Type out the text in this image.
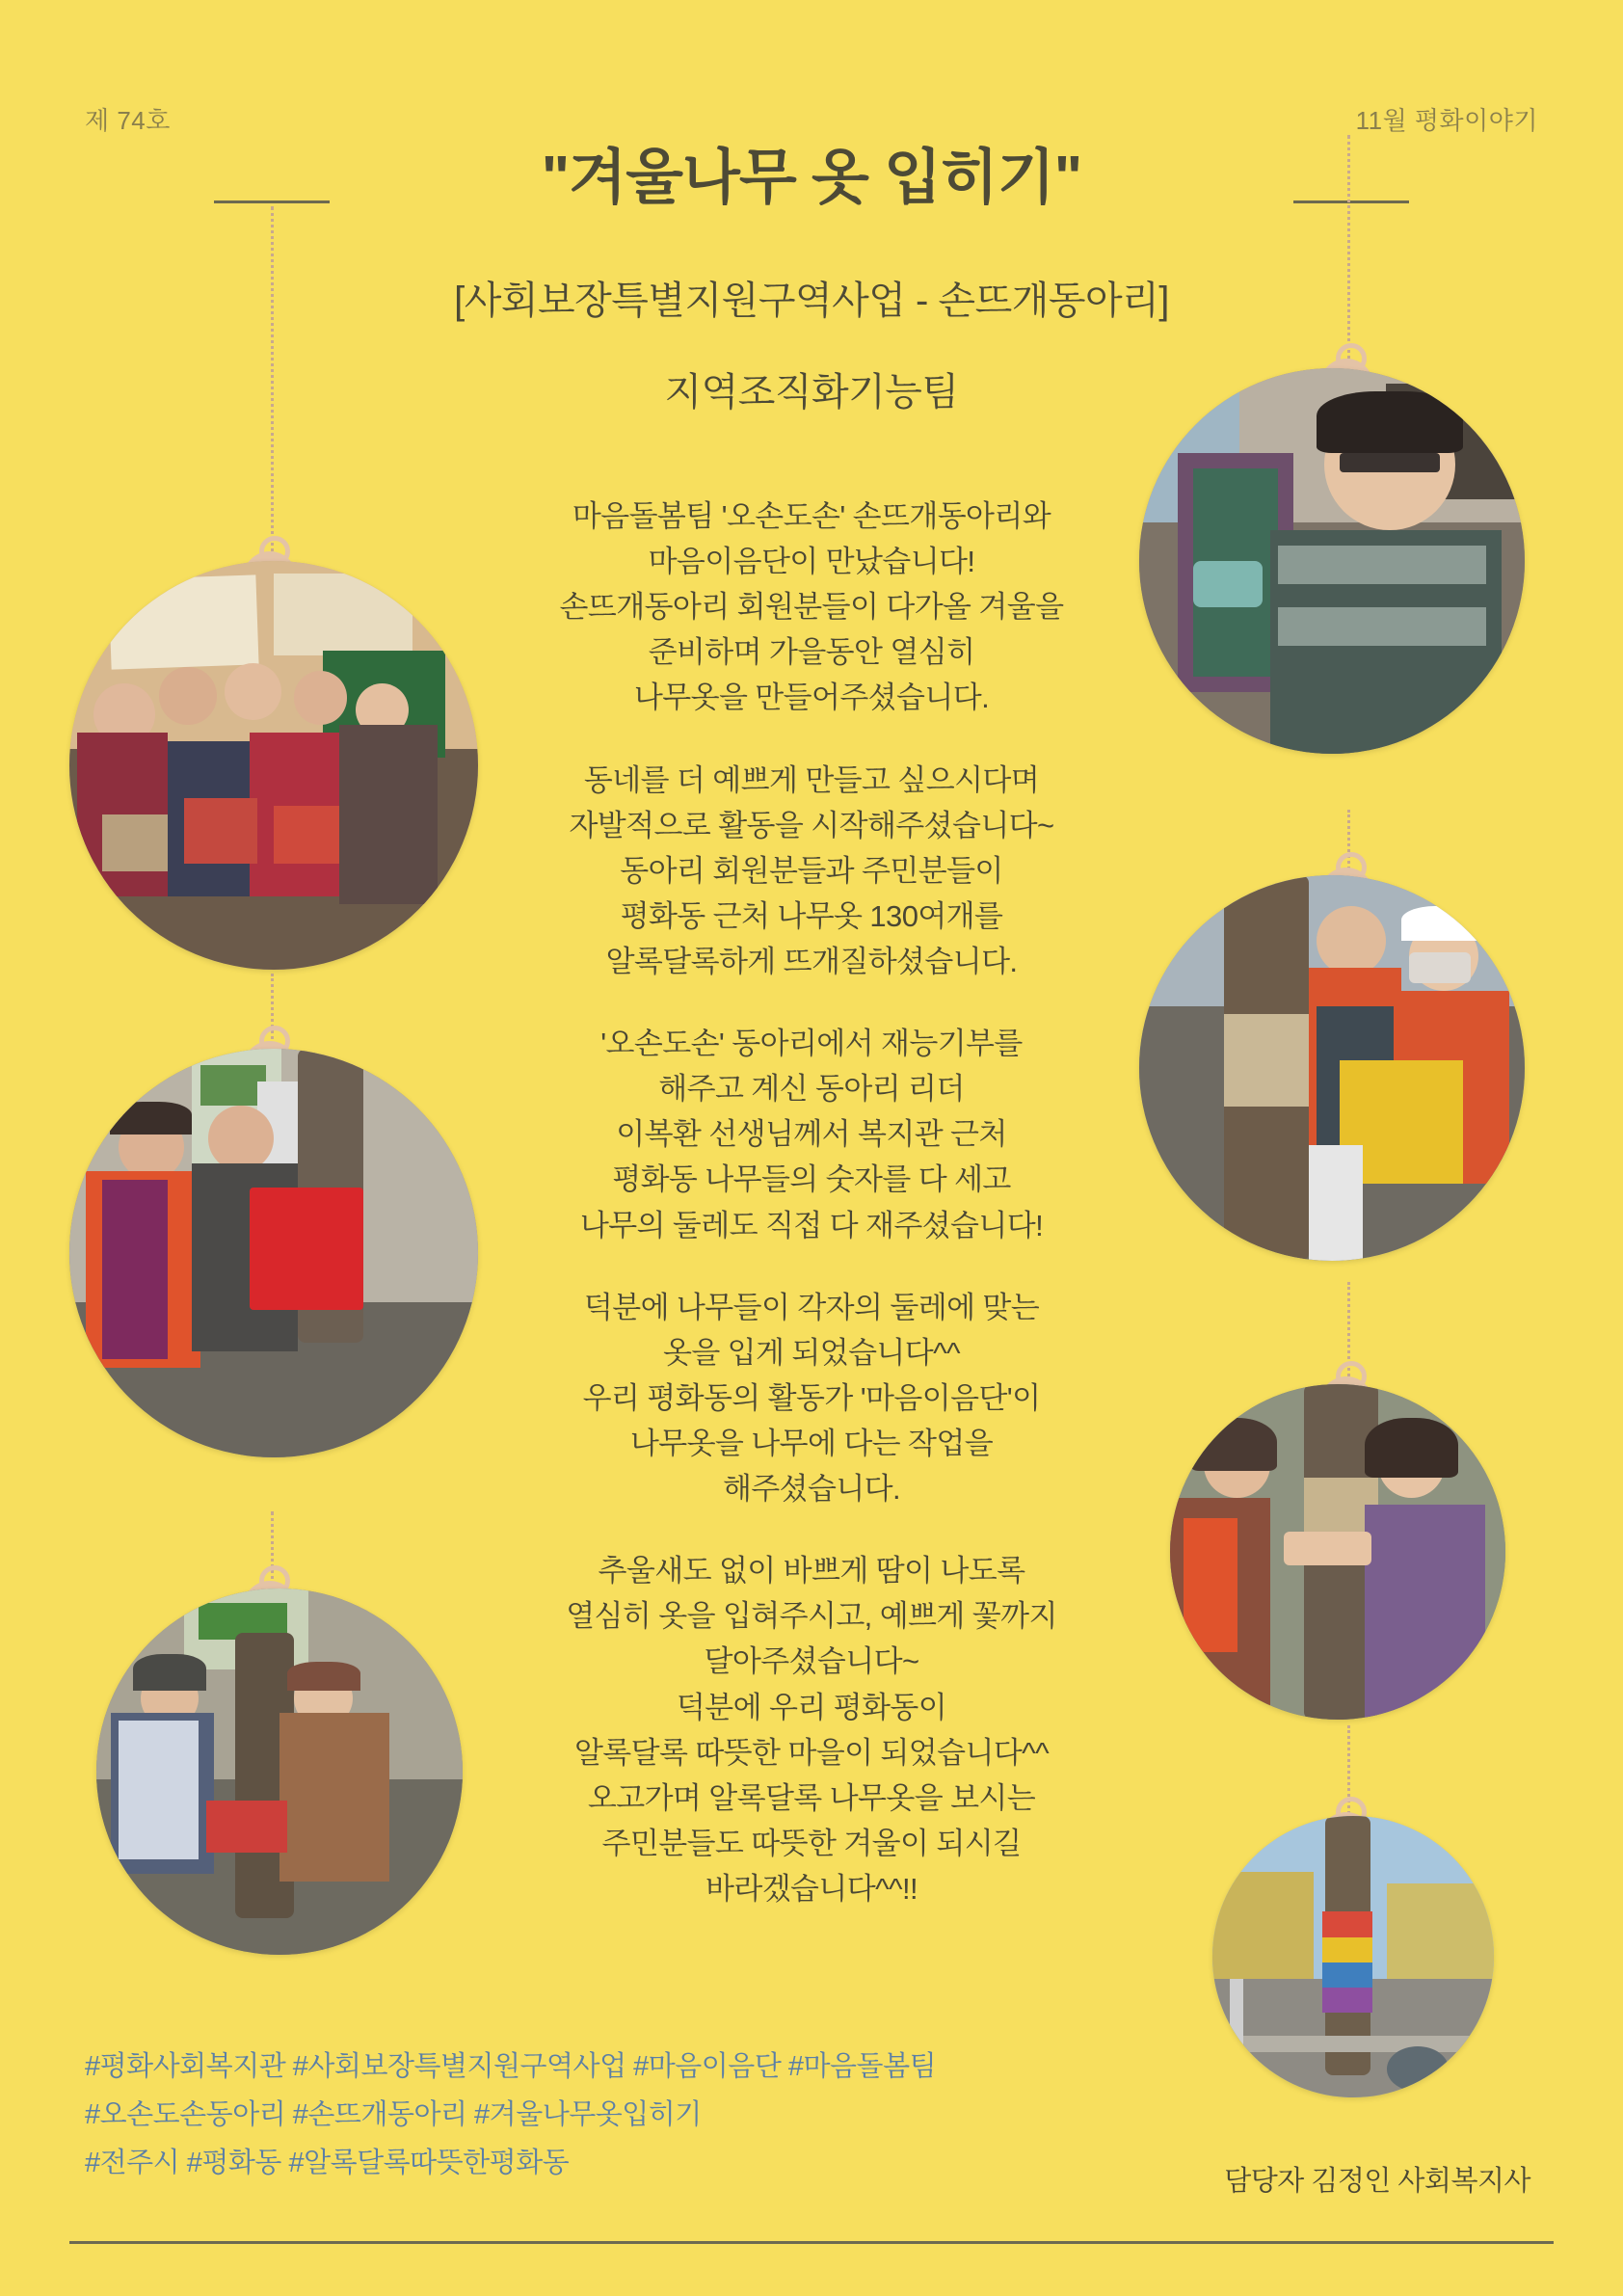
제 74호	11월 평화이야기
"겨울나무 옷 입히기"
[사회보장특별지원구역사업 - 손뜨개동아리]
지역조직화기능팀
마음돌봄팀 '오손도손' 손뜨개동아리와
마음이음단이 만났습니다!
손뜨개동아리 회원분들이 다가올 겨울을
준비하며 가을동안 열심히
나무옷을 만들어주셨습니다.
동네를 더 예쁘게 만들고 싶으시다며
자발적으로 활동을 시작해주셨습니다~
동아리 회원분들과 주민분들이
평화동 근처 나무옷 130여개를
알록달록하게 뜨개질하셨습니다.
'오손도손' 동아리에서 재능기부를
해주고 계신 동아리 리더
이복환 선생님께서 복지관 근처
평화동 나무들의 숫자를 다 세고
나무의 둘레도 직접 다 재주셨습니다!
덕분에 나무들이 각자의 둘레에 맞는
옷을 입게 되었습니다^^
우리 평화동의 활동가 '마음이음단'이
나무옷을 나무에 다는 작업을
해주셨습니다.
추울새도 없이 바쁘게 땀이 나도록
열심히 옷을 입혀주시고, 예쁘게 꽃까지
달아주셨습니다~
덕분에 우리 평화동이
알록달록 따뜻한 마을이 되었습니다^^
오고가며 알록달록 나무옷을 보시는
주민분들도 따뜻한 겨울이 되시길
바라겠습니다^^!!
#평화사회복지관 #사회보장특별지원구역사업 #마음이음단 #마음돌봄팀
#오손도손동아리 #손뜨개동아리 #겨울나무옷입히기
#전주시 #평화동 #알록달록따뜻한평화동
담당자 김정인 사회복지사
